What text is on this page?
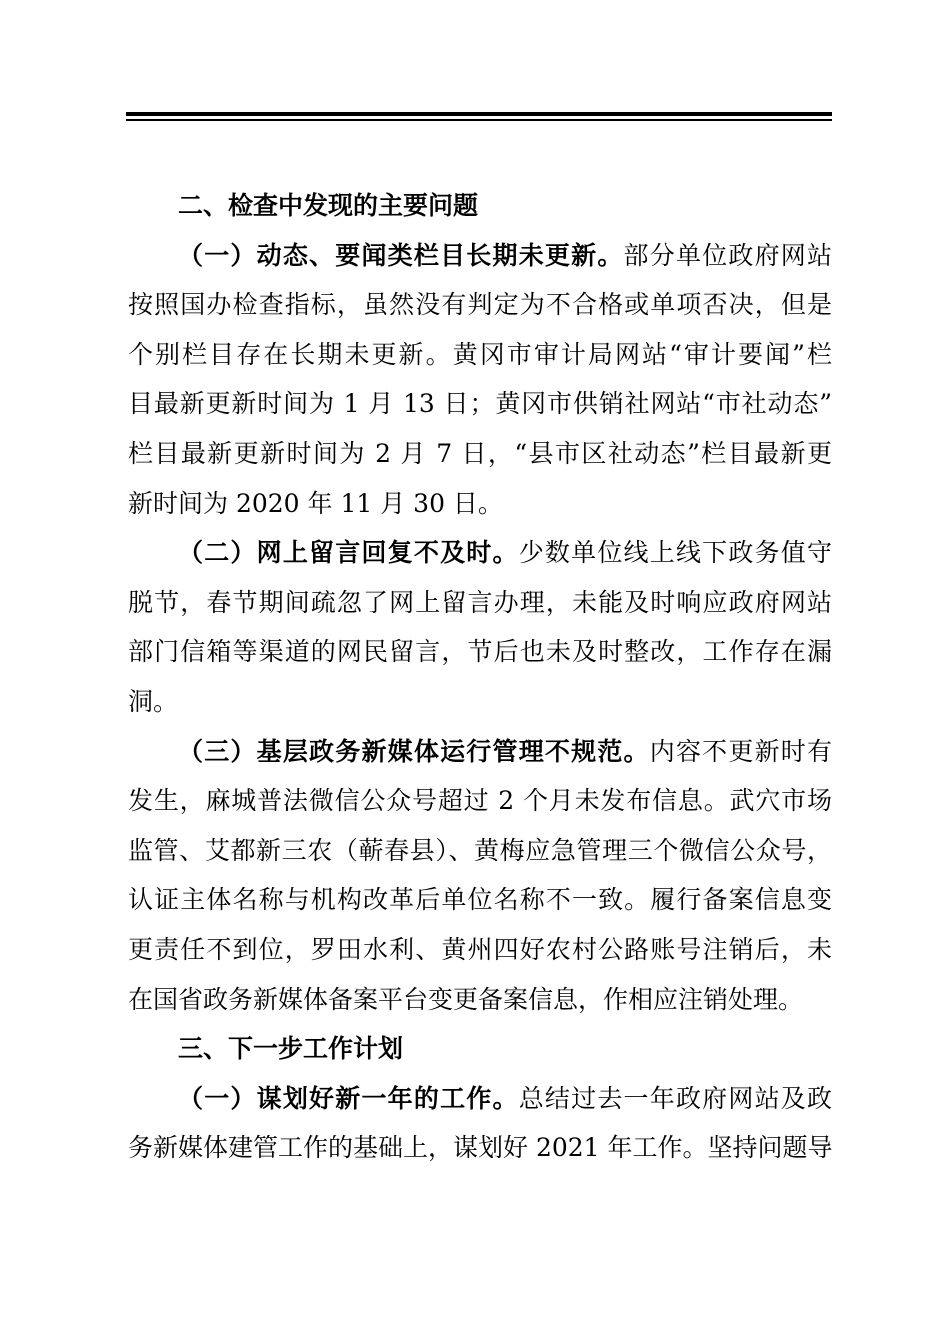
二、检查中发现的主要问题
（一）动态、要闻类栏目长期未更新。部分单位政府网站
按照国办检查指标，虽然没有判定为不合格或单项否决，但是
个别栏目存在长期未更新。黄冈市审计局网站“审计要闻”栏
目最新更新时间为 1 月 13 日；黄冈市供销社网站“市社动态”
栏目最新更新时间为 2 月 7 日，“县市区社动态”栏目最新更
新时间为 2020 年 11 月 30 日。
（二）网上留言回复不及时。少数单位线上线下政务值守
脱节，春节期间疏忽了网上留言办理，未能及时响应政府网站
部门信箱等渠道的网民留言，节后也未及时整改，工作存在漏
洞。
（三）基层政务新媒体运行管理不规范。内容不更新时有
发生，麻城普法微信公众号超过 2 个月未发布信息。武穴市场
监管、艾都新三农（蕲春县）、黄梅应急管理三个微信公众号，
认证主体名称与机构改革后单位名称不一致。履行备案信息变
更责任不到位，罗田水利、黄州四好农村公路账号注销后，未
在国省政务新媒体备案平台变更备案信息，作相应注销处理。
三、下一步工作计划
（一）谋划好新一年的工作。总结过去一年政府网站及政
务新媒体建管工作的基础上，谋划好 2021 年工作。坚持问题导
